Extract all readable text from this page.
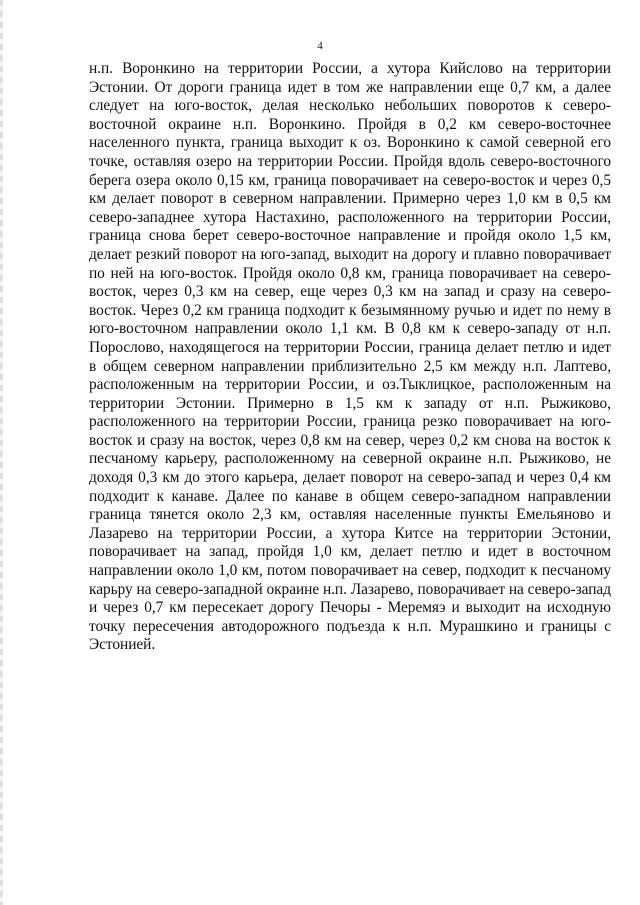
4

н.п. Воронкино на территории России, а хутора Кийслово на территории Эстонии. От дороги граница идет в том же направлении еще 0,7 км, а далее следует на юго-восток, делая несколько небольших поворотов к северо-восточной окраине н.п. Воронкино. Пройдя в 0,2 км северо-восточнее населенного пункта, граница выходит к оз. Воронкино к самой северной его точке, оставляя озеро на территории России. Пройдя вдоль северо-восточного берега озера около 0,15 км, граница поворачивает на северо-восток и через 0,5 км делает поворот в северном направлении. Примерно через 1,0 км в 0,5 км северо-западнее хутора Настахино, расположенного на территории России, граница снова берет северо-восточное направление и пройдя около 1,5 км, делает резкий поворот на юго-запад, выходит на дорогу и плавно поворачивает по ней на юго-восток. Пройдя около 0,8 км, граница поворачивает на северо-восток, через 0,3 км на север, еще через 0,3 км на запад и сразу на северо-восток. Через 0,2 км граница подходит к безымянному ручью и идет по нему в юго-восточном направлении около 1,1 км. В 0,8 км к северо-западу от н.п. Порослово, находящегося на территории России, граница делает петлю и идет в общем северном направлении приблизительно 2,5 км между н.п. Лаптево, расположенным на территории России, и оз.Тыклицкое, расположенным на территории Эстонии. Примерно в 1,5 км к западу от н.п. Рыжиково, расположенного на территории России, граница резко поворачивает на юго-восток и сразу на восток, через 0,8 км на север, через 0,2 км снова на восток к песчаному карьеру, расположенному на северной окраине н.п. Рыжиково, не доходя 0,3 км до этого карьера, делает поворот на северо-запад и через 0,4 км подходит к канаве. Далее по канаве в общем северо-западном направлении граница тянется около 2,3 км, оставляя населенные пункты Емельяново и Лазарево на территории России, а хутора Китсе на территории Эстонии, поворачивает на запад, пройдя 1,0 км, делает петлю и идет в восточном направлении около 1,0 км, потом поворачивает на север, подходит к песчаному карьру на северо-западной окраине н.п. Лазарево, поворачивает на северо-запад и через 0,7 км пересекает дорогу Печоры - Меремяэ и выходит на исходную точку пересечения автодорожного подъезда к н.п. Мурашкино и границы с Эстонией.
